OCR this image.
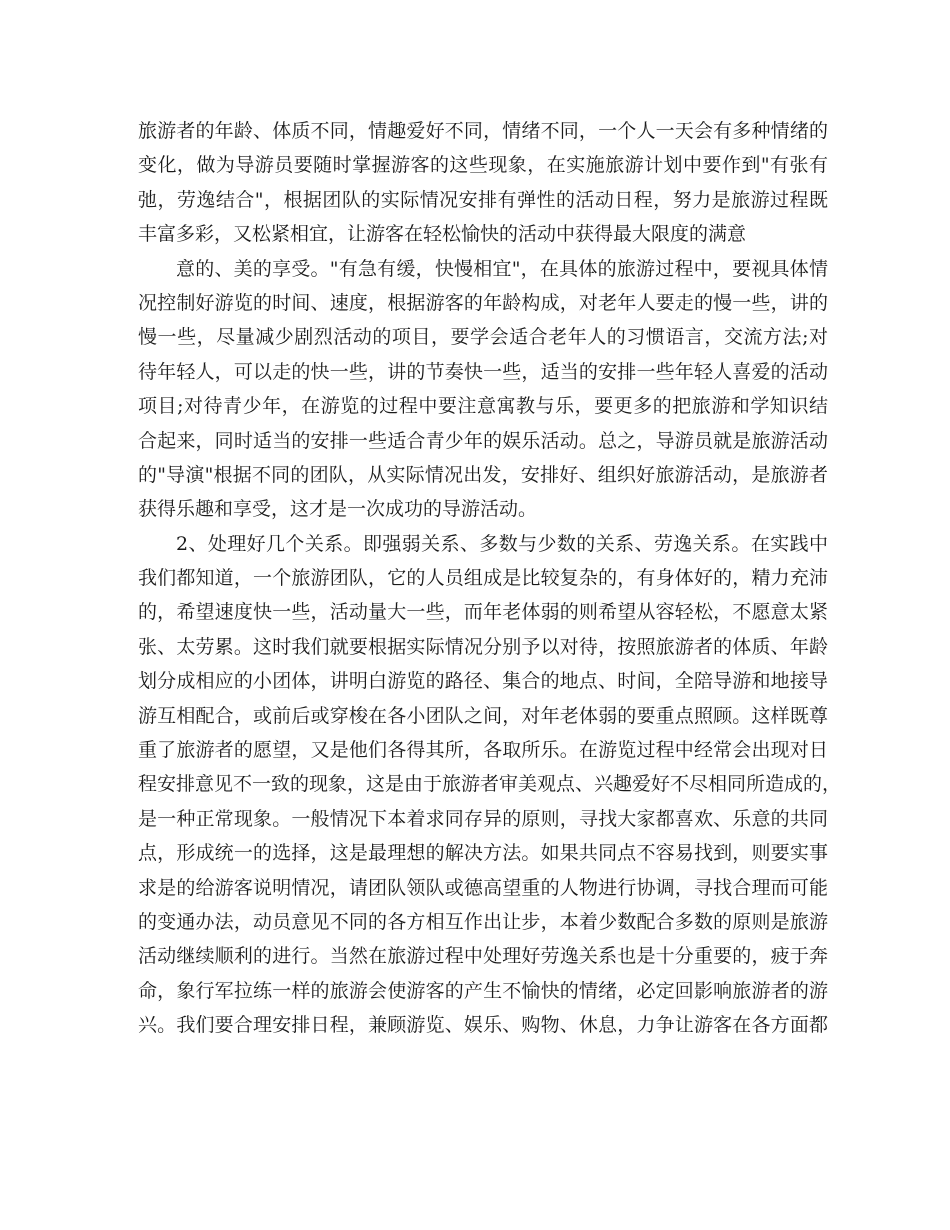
旅游者的年龄、体质不同，情趣爱好不同，情绪不同，一个人一天会有多种情绪的
变化，做为导游员要随时掌握游客的这些现象，在实施旅游计划中要作到"有张有
弛，劳逸结合"，根据团队的实际情况安排有弹性的活动日程，努力是旅游过程既
丰富多彩，又松紧相宜，让游客在轻松愉快的活动中获得最大限度的满意
意的、美的享受。"有急有缓，快慢相宜"，在具体的旅游过程中，要视具体情
况控制好游览的时间、速度，根据游客的年龄构成，对老年人要走的慢一些，讲的
慢一些，尽量减少剧烈活动的项目，要学会适合老年人的习惯语言，交流方法;对
待年轻人，可以走的快一些，讲的节奏快一些，适当的安排一些年轻人喜爱的活动
项目;对待青少年，在游览的过程中要注意寓教与乐，要更多的把旅游和学知识结
合起来，同时适当的安排一些适合青少年的娱乐活动。总之，导游员就是旅游活动
的"导演"根据不同的团队，从实际情况出发，安排好、组织好旅游活动，是旅游者
获得乐趣和享受，这才是一次成功的导游活动。
2、处理好几个关系。即强弱关系、多数与少数的关系、劳逸关系。在实践中
我们都知道，一个旅游团队，它的人员组成是比较复杂的，有身体好的，精力充沛
的，希望速度快一些，活动量大一些，而年老体弱的则希望从容轻松，不愿意太紧
张、太劳累。这时我们就要根据实际情况分别予以对待，按照旅游者的体质、年龄
划分成相应的小团体，讲明白游览的路径、集合的地点、时间，全陪导游和地接导
游互相配合，或前后或穿梭在各小团队之间，对年老体弱的要重点照顾。这样既尊
重了旅游者的愿望，又是他们各得其所，各取所乐。在游览过程中经常会出现对日
程安排意见不一致的现象，这是由于旅游者审美观点、兴趣爱好不尽相同所造成的，
是一种正常现象。一般情况下本着求同存异的原则，寻找大家都喜欢、乐意的共同
点，形成统一的选择，这是最理想的解决方法。如果共同点不容易找到，则要实事
求是的给游客说明情况，请团队领队或德高望重的人物进行协调，寻找合理而可能
的变通办法，动员意见不同的各方相互作出让步，本着少数配合多数的原则是旅游
活动继续顺利的进行。当然在旅游过程中处理好劳逸关系也是十分重要的，疲于奔
命，象行军拉练一样的旅游会使游客的产生不愉快的情绪，必定回影响旅游者的游
兴。我们要合理安排日程，兼顾游览、娱乐、购物、休息，力争让游客在各方面都
